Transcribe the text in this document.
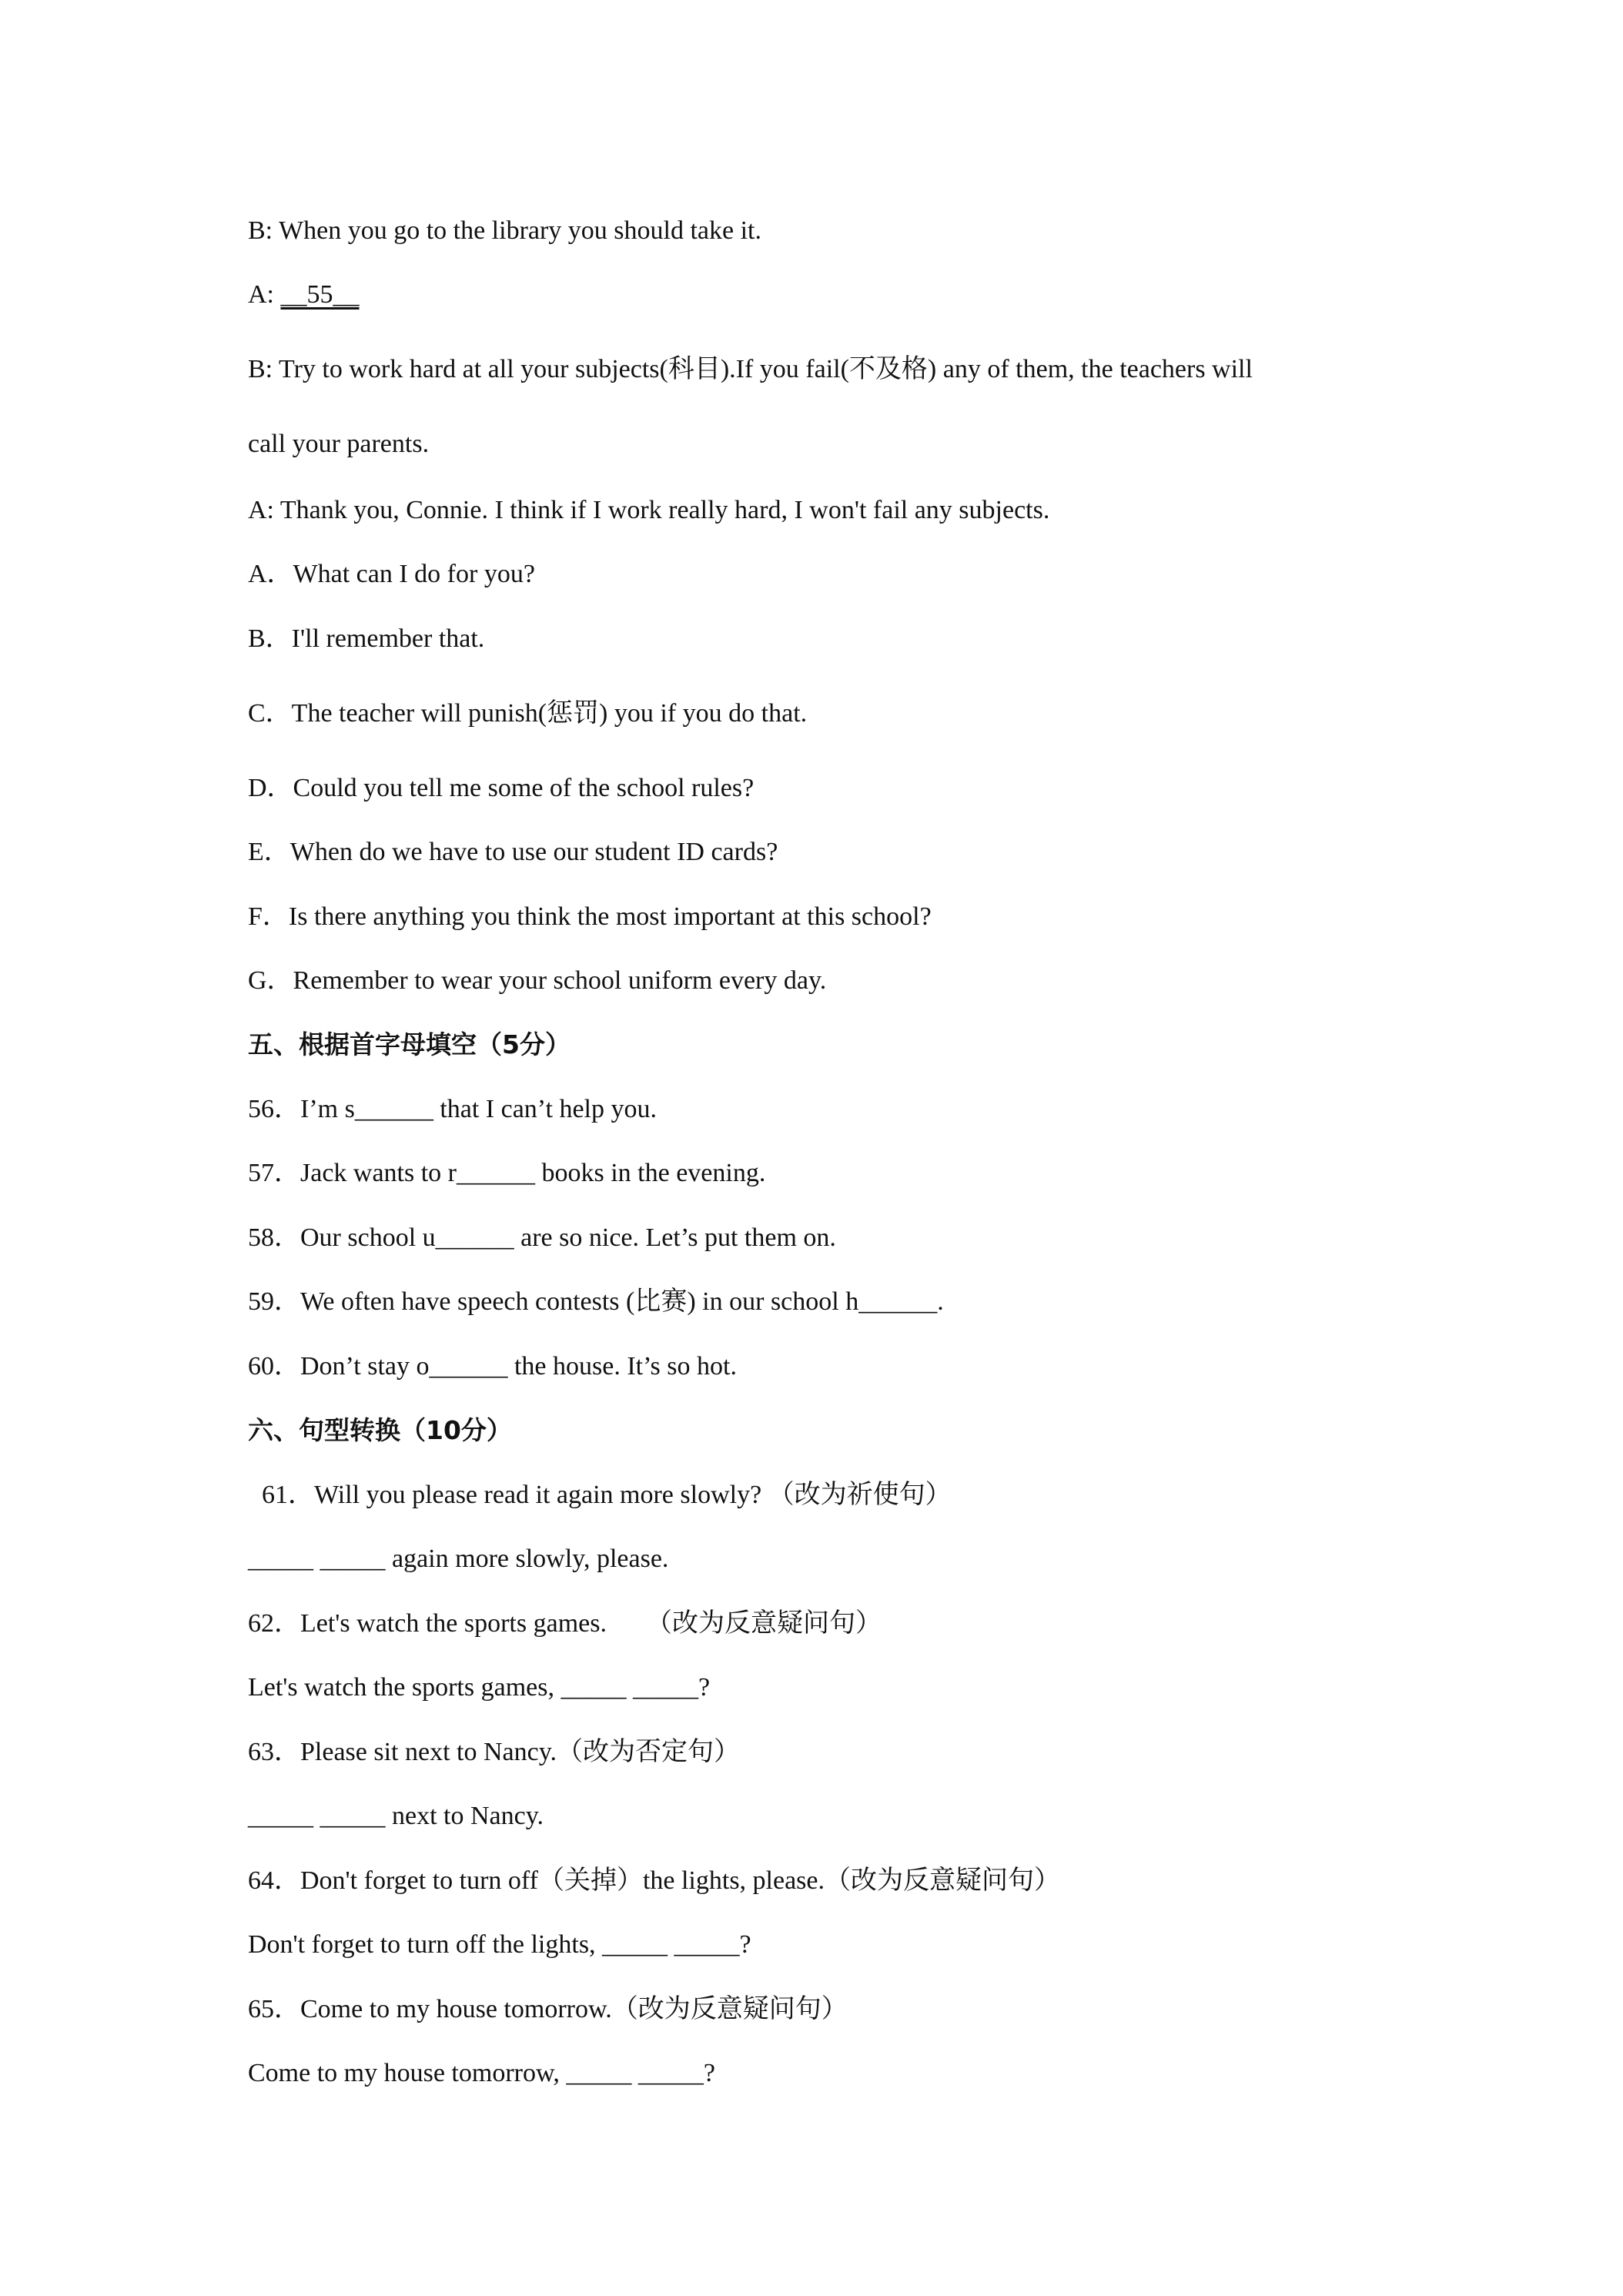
B: When you go to the library you should take it.
A: __55__
B: Try to work hard at all your subjects(科目).If you fail(不及格) any of them, the teachers will
call your parents.
A: Thank you, Connie. I think if I work really hard, I won't fail any subjects.
A．What can I do for you?
B．I'll remember that.
C．The teacher will punish(惩罚) you if you do that.
D．Could you tell me some of the school rules?
E．When do we have to use our student ID cards?
F．Is there anything you think the most important at this school?
G．Remember to wear your school uniform every day.
五、根据首字母填空（5分）
56．I’m s______ that I can’t help you.
57．Jack wants to r______ books in the evening.
58．Our school u______ are so nice. Let’s put them on.
59．We often have speech contests (比赛) in our school h______.
60．Don’t stay o______ the house. It’s so hot.
六、句型转换（10分）
61．Will you please read it again more slowly? （改为祈使句）
_____ _____ again more slowly, please.
62．Let's watch the sports games.　　（改为反意疑问句）
Let's watch the sports games, _____ _____?
63．Please sit next to Nancy.（改为否定句）
_____ _____ next to Nancy.
64．Don't forget to turn off（关掉）the lights, please.（改为反意疑问句）
Don't forget to turn off the lights, _____ _____?
65．Come to my house tomorrow.（改为反意疑问句）
Come to my house tomorrow, _____ _____?
